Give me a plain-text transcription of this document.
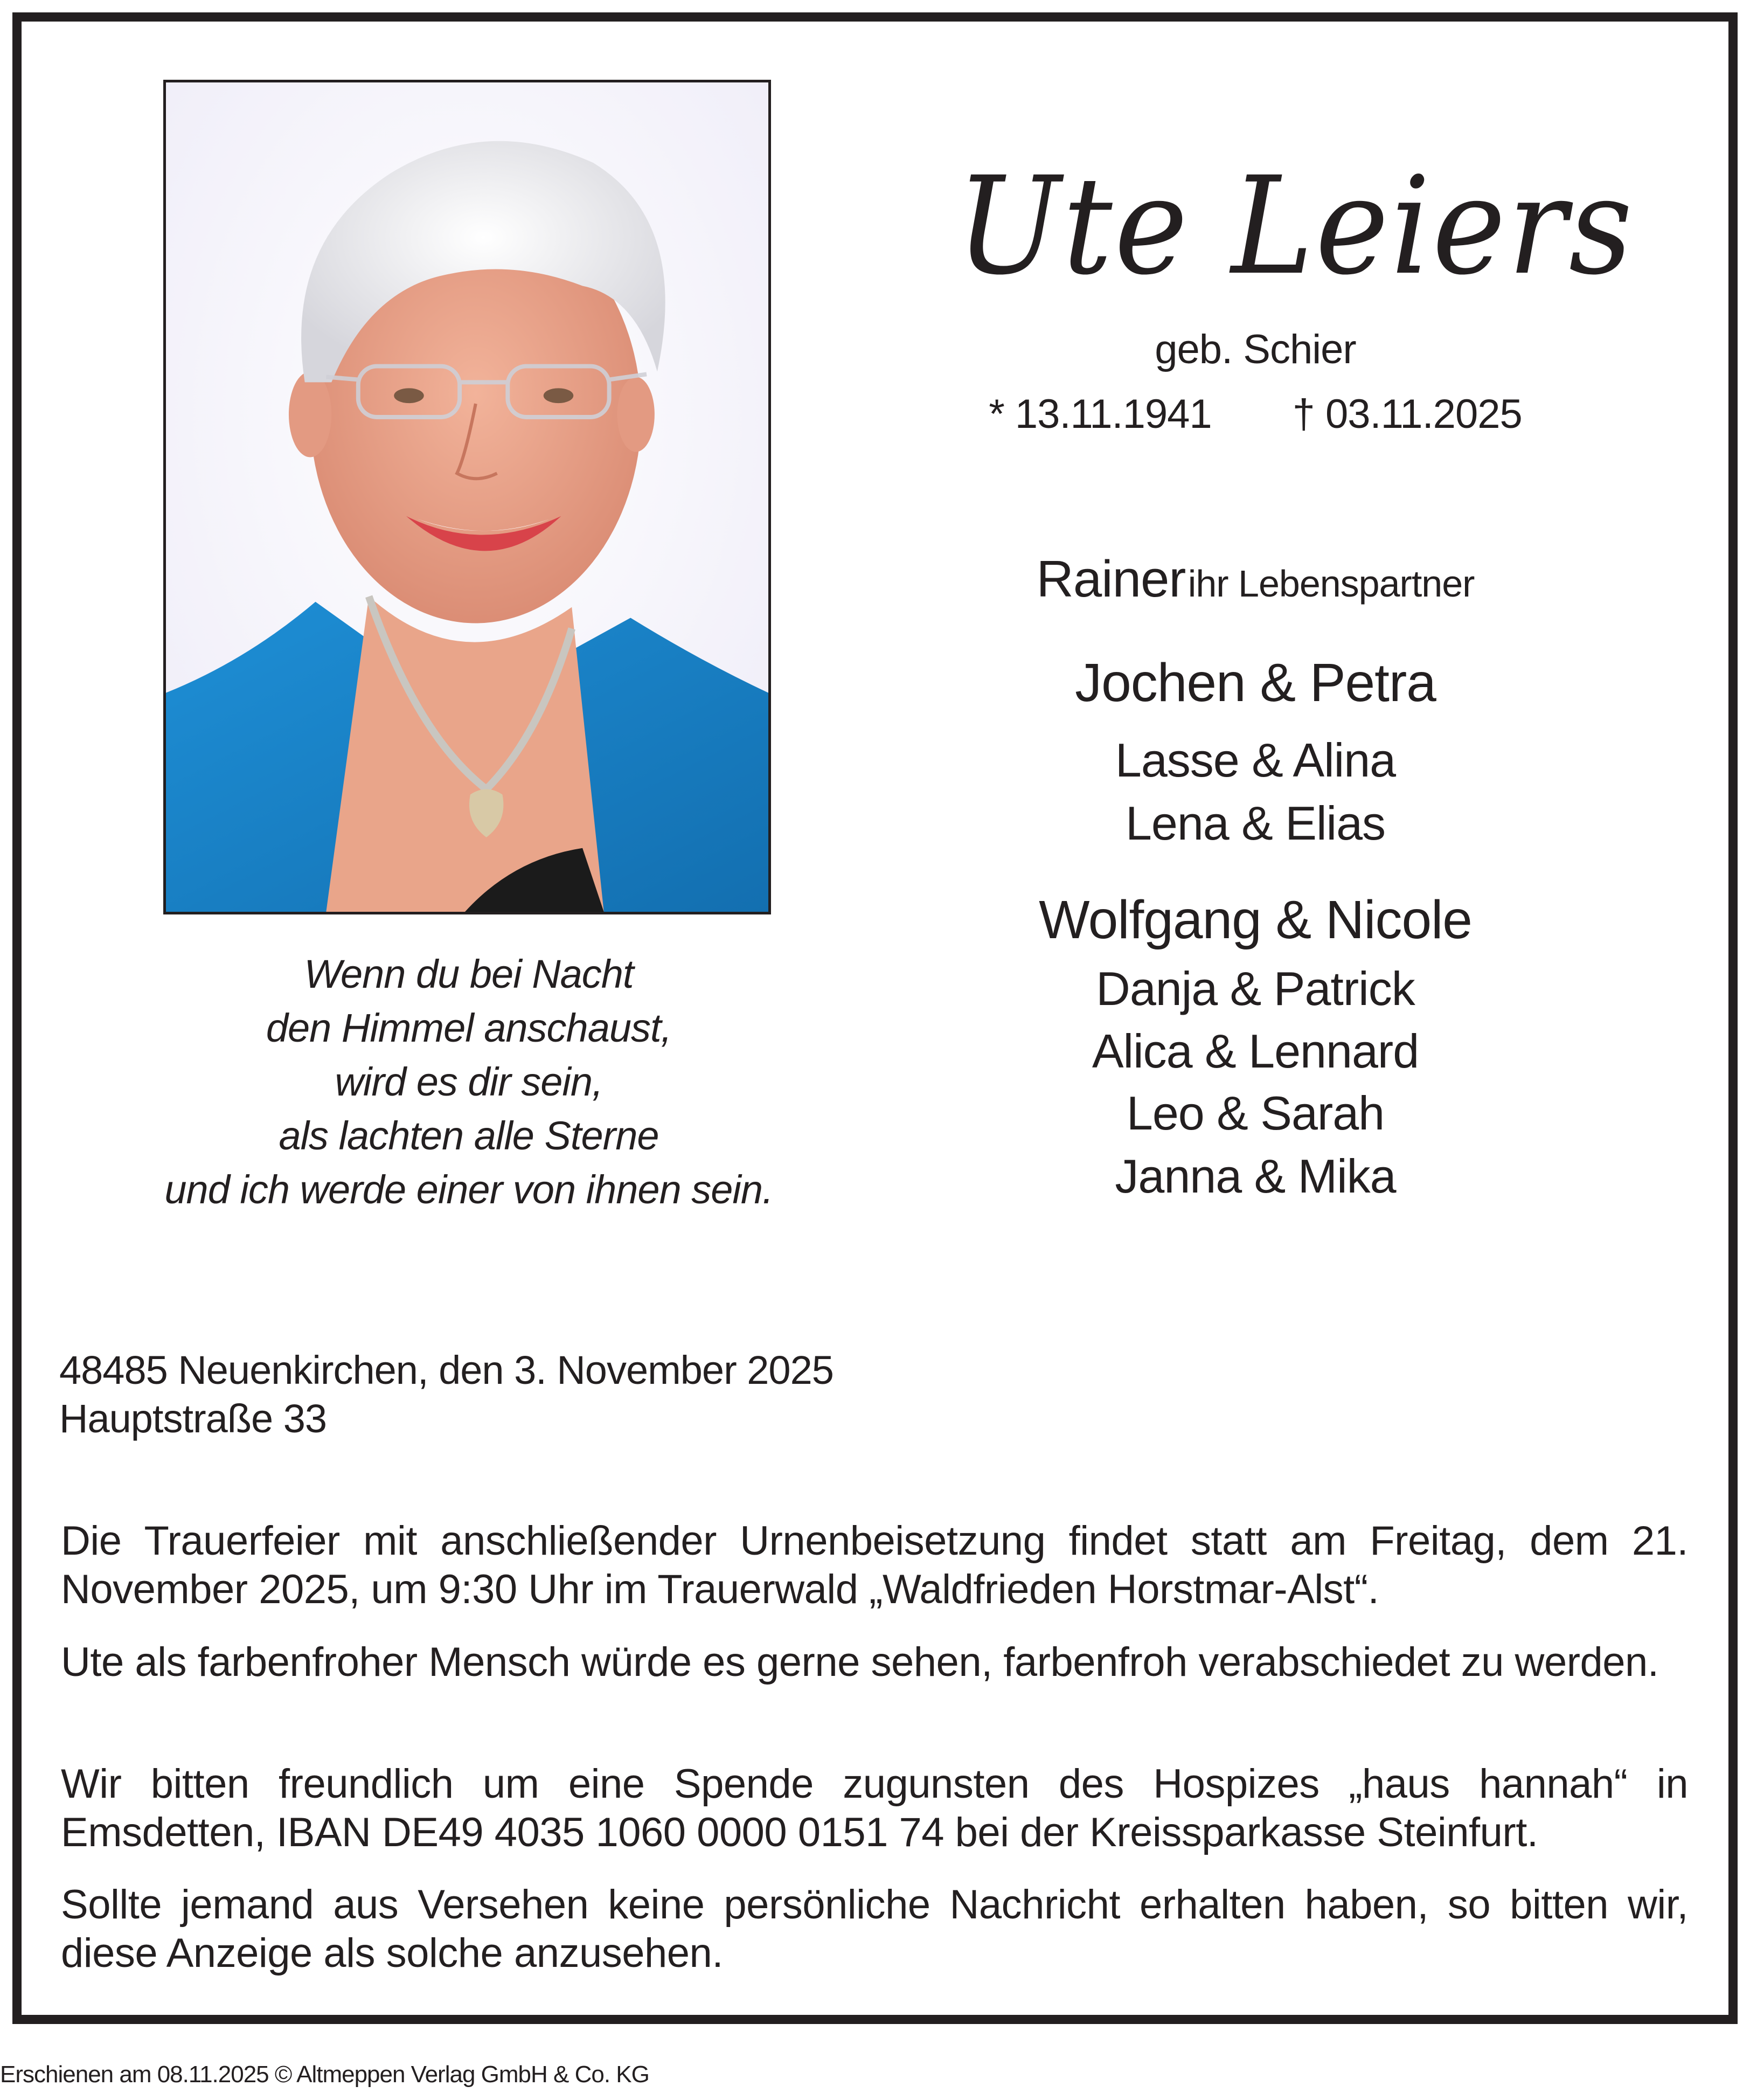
Ute Leiers
geb. Schier
* 13.11.1941 † 03.11.2025
Rainer ihr Lebenspartner
Jochen & Petra
Lasse & Alina
Lena & Elias
Wolfgang & Nicole
Danja & Patrick
Alica & Lennard
Leo & Sarah
Janna & Mika
Wenn du bei Nacht
den Himmel anschaust,
wird es dir sein,
als lachten alle Sterne
und ich werde einer von ihnen sein.
48485 Neuenkirchen, den 3. November 2025
Hauptstraße 33
Die Trauerfeier mit anschließender Urnenbeisetzung findet statt am Freitag, dem 21. November 2025, um 9:30 Uhr im Trauerwald „Waldfrieden Horstmar-Alst“.
Ute als farbenfroher Mensch würde es gerne sehen, farbenfroh verabschiedet zu werden.
Wir bitten freundlich um eine Spende zugunsten des Hospizes „haus hannah“ in Emsdetten, IBAN DE49 4035 1060 0000 0151 74 bei der Kreissparkasse Steinfurt.
Sollte jemand aus Versehen keine persönliche Nachricht erhalten haben, so bitten wir, diese Anzeige als solche anzusehen.
Erschienen am 08.11.2025 © Altmeppen Verlag GmbH & Co. KG
